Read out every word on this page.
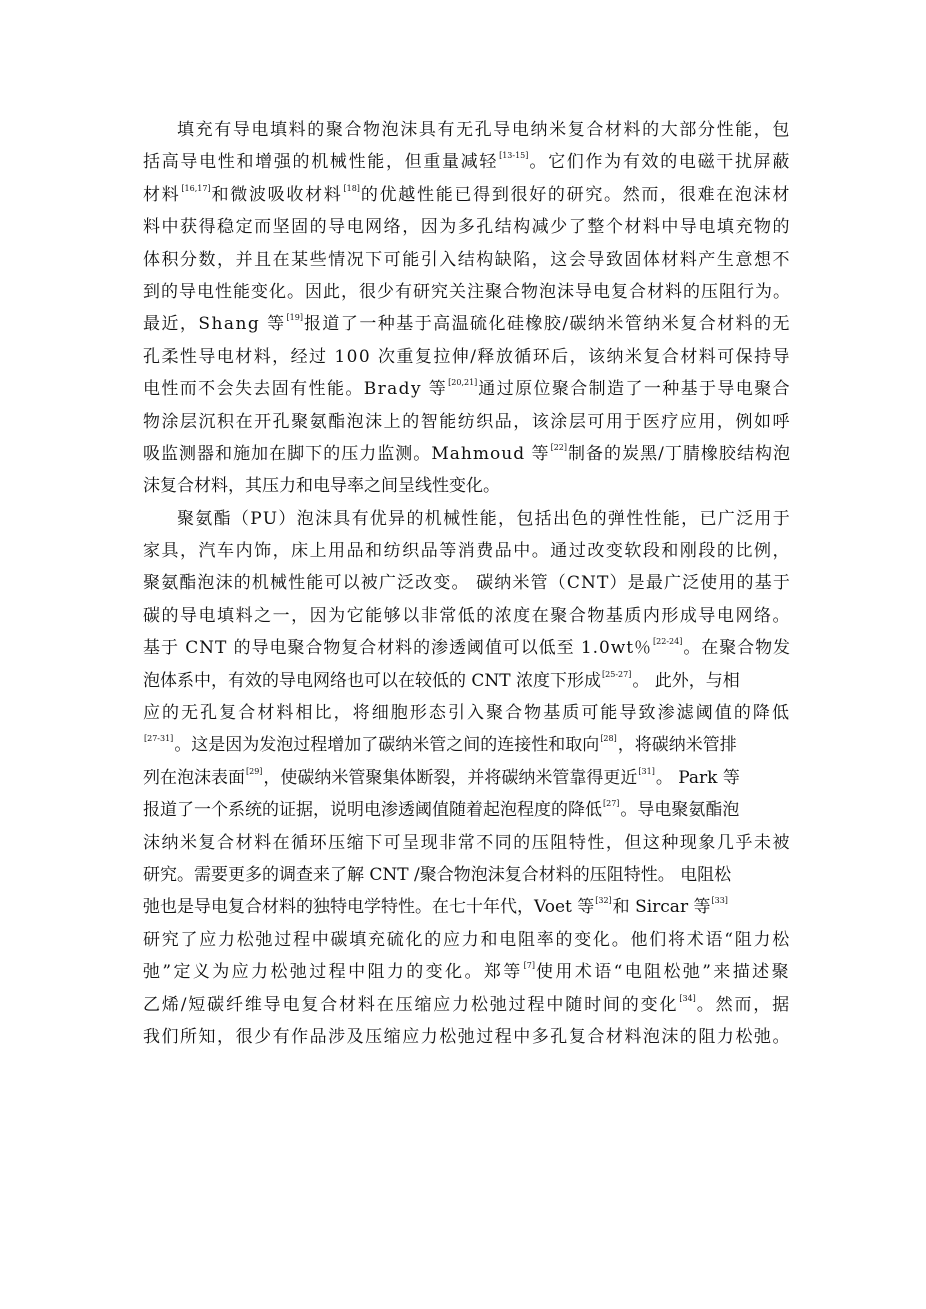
填充有导电填料的聚合物泡沫具有无孔导电纳米复合材料的大部分性能，包
括高导电性和增强的机械性能，但重量减轻[13-15]。它们作为有效的电磁干扰屏蔽
材料[16,17]和微波吸收材料[18]的优越性能已得到很好的研究。然而，很难在泡沫材
料中获得稳定而坚固的导电网络，因为多孔结构减少了整个材料中导电填充物的
体积分数，并且在某些情况下可能引入结构缺陷，这会导致固体材料产生意想不
到的导电性能变化。因此，很少有研究关注聚合物泡沫导电复合材料的压阻行为。
最近，Shang 等[19]报道了一种基于高温硫化硅橡胶/碳纳米管纳米复合材料的无
孔柔性导电材料，经过 100 次重复拉伸/释放循环后，该纳米复合材料可保持导
电性而不会失去固有性能。Brady 等[20,21]通过原位聚合制造了一种基于导电聚合
物涂层沉积在开孔聚氨酯泡沫上的智能纺织品，该涂层可用于医疗应用，例如呼
吸监测器和施加在脚下的压力监测。Mahmoud 等[22]制备的炭黑/丁腈橡胶结构泡
沫复合材料，其压力和电导率之间呈线性变化。
聚氨酯（PU）泡沫具有优异的机械性能，包括出色的弹性性能，已广泛用于
家具，汽车内饰，床上用品和纺织品等消费品中。通过改变软段和刚段的比例，
聚氨酯泡沫的机械性能可以被广泛改变。 碳纳米管（CNT）是最广泛使用的基于
碳的导电填料之一，因为它能够以非常低的浓度在聚合物基质内形成导电网络。
基于 CNT 的导电聚合物复合材料的渗透阈值可以低至 1.0wt％[22-24]。在聚合物发
泡体系中，有效的导电网络也可以在较低的 CNT 浓度下形成[25-27]。 此外，与相
应的无孔复合材料相比，将细胞形态引入聚合物基质可能导致渗滤阈值的降低
[27-31]。这是因为发泡过程增加了碳纳米管之间的连接性和取向[28]，将碳纳米管排
列在泡沫表面[29]，使碳纳米管聚集体断裂，并将碳纳米管靠得更近[31]。 Park 等
报道了一个系统的证据，说明电渗透阈值随着起泡程度的降低[27]。导电聚氨酯泡
沫纳米复合材料在循环压缩下可呈现非常不同的压阻特性，但这种现象几乎未被
研究。需要更多的调查来了解 CNT /聚合物泡沫复合材料的压阻特性。 电阻松
弛也是导电复合材料的独特电学特性。在七十年代，Voet 等[32]和 Sircar 等[33]
研究了应力松弛过程中碳填充硫化的应力和电阻率的变化。他们将术语“阻力松
弛”定义为应力松弛过程中阻力的变化。郑等[7]使用术语“电阻松弛”来描述聚
乙烯/短碳纤维导电复合材料在压缩应力松弛过程中随时间的变化[34]。然而，据
我们所知，很少有作品涉及压缩应力松弛过程中多孔复合材料泡沫的阻力松弛。
